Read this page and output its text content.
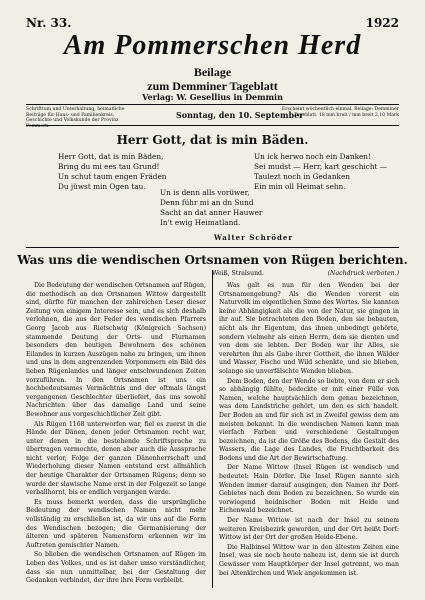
Nr. 33.	1922
Am Pommerschen Herd
Beilage
zum Demminer Tageblatt
Verlag: W. Gesellius in Demmin
Schrifttum und Unterhaltung, heimatliche Beiträge für Haus- und Familienkreis, Geschichte und Volkskunde der Provinz Pommern.
Sonntag, den 10. September
Erscheint wöchentlich einmal. Beilage: Demminer Tageblatt. 18 mm breit / mm breit 2,10 Mark
Herr Gott, dat is min Bäden.
Herr Gott, dat is min Bäden,
Bring du mi ees tau Grund!
Un schut taum engen Fräden
Du jüwst min Ogen tau.
Un ick herwo noch ein Danken!
Sei mudst — Herr, kart geschicht —
Taulezt noch in Gedanken
Ein min oll Heimat sehn.
Un is denn alls vorüwer,
Denn führ mi an dn Sund
Sacht an dat anner Hauwer
In't ewig Heimatland.
Walter Schröder
Was uns die wendischen Ortsnamen von Rügen berichten.
Weiß, Stralsund.	(Nachdruck verboten.)

Die Bedeutung der wendischen Ortsnamen auf Rügen, die methodisch an den Ortsnamen Wittow dargestellt sind, dürfte für manchen der zahlreichen Leser dieser Zeitung von einigem Interesse sein, und es sich deshalb verlohnen, die aus der Feder des wendischen Pfarrers Georg Jacob aus Rietschwig (Königreich Sachsen) stammende Deutung der Orts- und Flurnamen besonders den heutigen Bewohnern des schönen Eilandes in kurzen Auszügen nahe zu bringen, um ihnen und uns in dem angrenzenden Vorpommern ein Bild des lieben Rügenlandes und länger entschwundenen Zeiten vorzuführen. In den Ortsnamen ist uns ein hochbedeutsames Vermächtnis und der oftmals längst vergangenen Geschlechter überliefert, das uns sowohl Nachrichten über das damalige Land und seine Bewohner aus vorgeschichtlicher Zeit gibt.

Als Rügen 1168 unterworfen war, fiel es zuerst in die Hände der Dänen, denen jeder Ortsnamen recht war, unter denen in die bestehende Schriftsprache zu übertragen vermochte, denen aber auch die Aussprache nicht verlor, Folge der ganzen Dänenherrschaft und Wiederholung dieser Namen entstand erst allmählich der heutige Charakter der Ortsnamen Rügens; denn so wurde der slawische Name erst in der Folgezeit so lange verballhornt, bis er endlich vergangen wurde.

Es muss bemerkt werden, dass die ursprüngliche Bedeutung der wendischen Namen nicht mehr vollständig zu erschließen ist, da wir uns auf die Form des Wendischen bezogen; die Germanisierung der älteren und späteren Namensform erkennen wir im Auftreten gemischter Namen.

So blieben die wendischen Ortsnamen auf Rügen im Leben des Volkes, und es ist daher umso verständlicher, dass sie nun unmittelbar, bei der Gestaltung der Gedanken verbindet, der ihre ihre Form verbleibt.

Was galt es nun für den Wenden bei der Ortsnamengebung? Als die Wenden vorerst ein Naturvolk im eigentlichen Sinne des Wortes. Sie kannten keine Abhängigkeit als die von der Natur, sie gingen in ihr auf. Sie betrachteten den Boden, den sie bebauten, nicht als ihr Eigentum, das ihnen unbedingt gehörte, sondern vielmehr als einen Herrn, dem sie dienten und von dem sie lebten. Der Boden war ihr Alles, sie verehrten ihn als Gabe ihrer Gottheit, die ihnen Wälder und Wasser, Fische und Wild schenkte, und sie blieben, solange sie unverfälschte Wenden blieben.

Dem Boden, den der Wende so liebte, von dem er sich so abhängig fühlte, bedeckte er mit einer Fülle von Namen, welche hauptsächlich dem genau bezeichnen, was dem Landstriche gehört, um den es sich handelt. Der Boden an und für sich ist in Zweifel gewiss dem am meisten bekannt. In die wendischen Namen kann man vierfach Farben und verschiedene Gestaltungen bezeichnen, da ist die Größe des Bodens, die Gestalt des Wassers, die Lage des Landes, die Fruchtbarkeit des Bodens und die Art der Bewirtschaftung.

Der Name Wittow (Insel Rügen ist wendisch und bedeutet: Hain Dörfer. Die Insel Rügen nannte sich Wenden immer darauf ausgingen, den Namen ihr Dorf-Gebietes nach dem Boden zu bezeichnen. So wurde ein vorwiegend heidnischer Boden mit Heide und Eichenwald bezeichnet.

Der Name Wittow ist nach der Insel zu seinem weiteren Kreisbezirk geworden, und der Ort heißt Dorf: Wittow ist der Ort der großen Heide-Ebene.

Die Halbinsel Wittow war in den ältesten Zeiten eine Insel, was sie noch heute nahezu ist, denn sie ist durch Gewässer vom Hauptkörper der Insel getrennt, wo man bei Altenkirchen und Wiek angekommen ist.
